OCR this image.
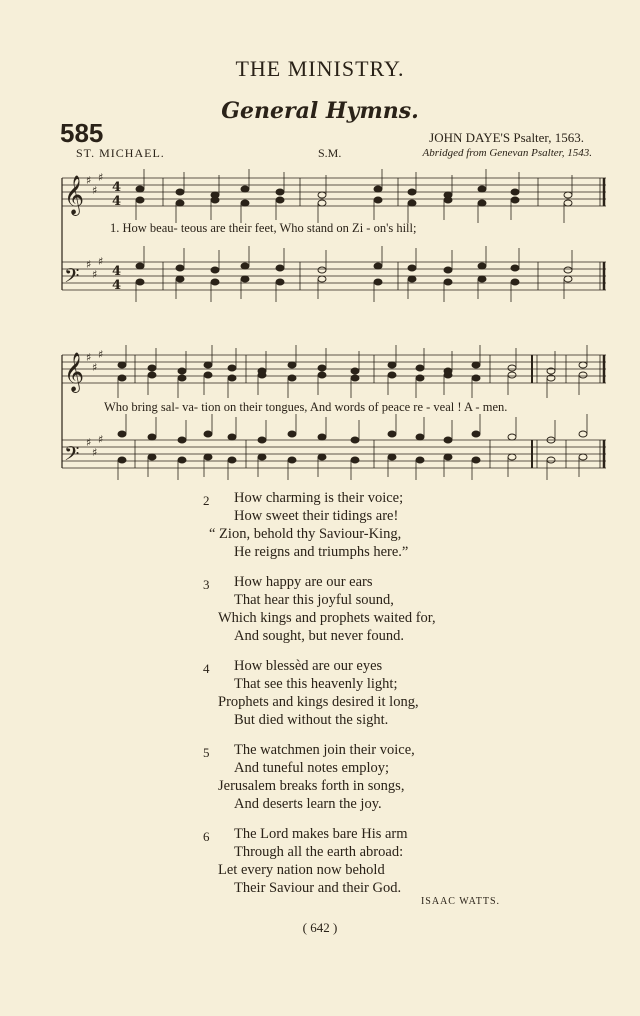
THE MINISTRY.
General Hymns.
585	JOHN DAYE'S Psalter, 1563.
ST. MICHAEL.	S.M.	Abridged from Genevan Psalter, 1543.
𝄞
𝄢
𝄞
𝄢
♯
♯
♯
♯
♯
♯
♯
♯
♯
♯
♯
♯
4
4
4
4
1. How beau- teous are their feet, Who stand on Zi - on's hill;
Who bring sal- va- tion on their tongues, And words of peace re - veal ! A - men.
2 How charming is their voice;
How sweet their tidings are!
“ Zion, behold thy Saviour-King,
He reigns and triumphs here.”
3 How happy are our ears
That hear this joyful sound,
Which kings and prophets waited for,
And sought, but never found.
4 How blessèd are our eyes
That see this heavenly light;
Prophets and kings desired it long,
But died without the sight.
5 The watchmen join their voice,
And tuneful notes employ;
Jerusalem breaks forth in songs,
And deserts learn the joy.
6 The Lord makes bare His arm
Through all the earth abroad:
Let every nation now behold
Their Saviour and their God.
ISAAC WATTS.
( 642 )
